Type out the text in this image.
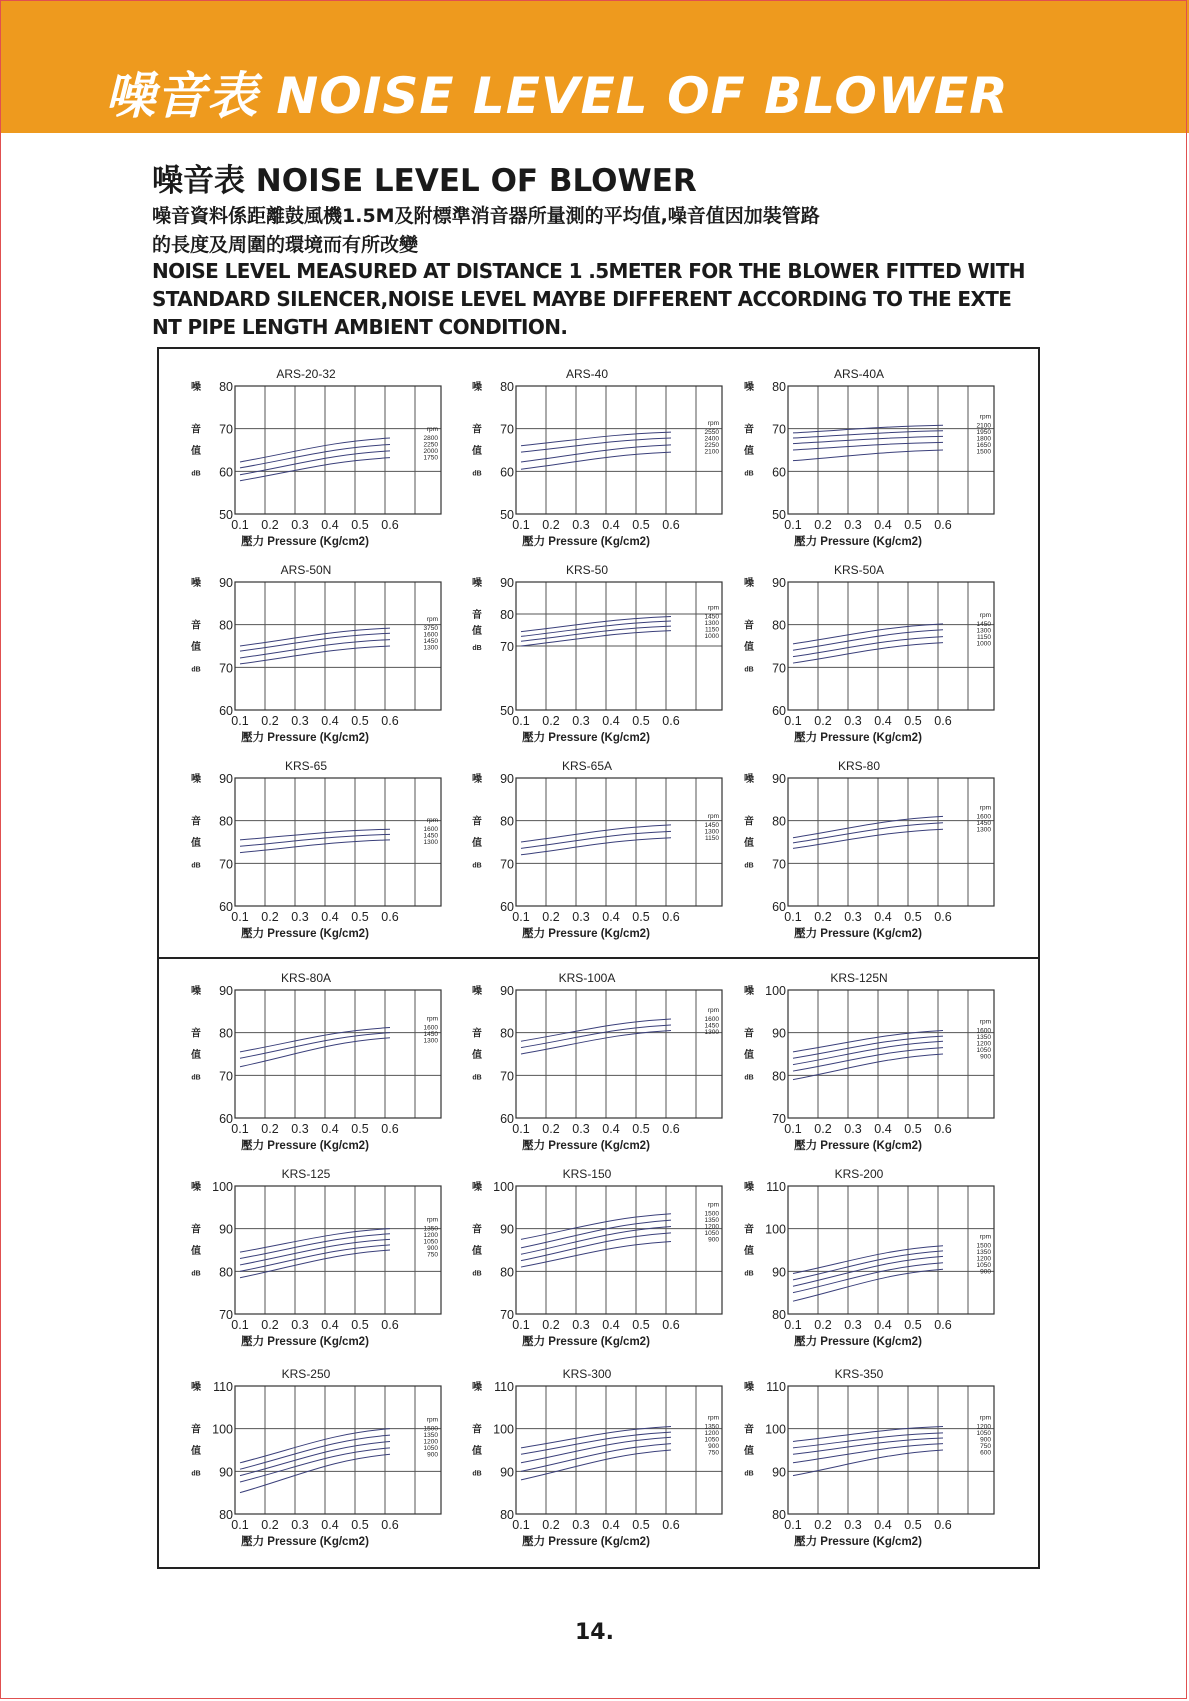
噪音表 NOISE LEVEL OF BLOWER
噪音表 NOISE LEVEL OF BLOWER
噪音資料係距離鼓風機1.5M及附標準消音器所量測的平均值,噪音值因加裝管路
的長度及周圍的環境而有所改變
NOISE LEVEL MEASURED AT DISTANCE 1 .5METER FOR THE BLOWER FITTED WITH
STANDARD SILENCER,NOISE LEVEL MAYBE DIFFERENT ACCORDING TO THE EXTE
NT PIPE LENGTH AMBIENT CONDITION.
ARS-20-32
80
70
60
50
噪
音
值
dB
0.1 0.2 0.3 0.4 0.5 0.6
壓力 Pressure (Kg/cm2)
rpm
2800
2250
2000
1750
ARS-40
80
70
60
50
噪
音
值
dB
0.1 0.2 0.3 0.4 0.5 0.6
壓力 Pressure (Kg/cm2)
rpm
2550
2400
2250
2100
ARS-40A
80
70
60
50
噪
音
值
dB
0.1 0.2 0.3 0.4 0.5 0.6
壓力 Pressure (Kg/cm2)
rpm
2100
1950
1800
1650
1500
ARS-50N
90
80
70
60
噪
音
值
dB
0.1 0.2 0.3 0.4 0.5 0.6
壓力 Pressure (Kg/cm2)
rpm
3750
1600
1450
1300
KRS-50
90
80
70
50
噪
音
值
dB
0.1 0.2 0.3 0.4 0.5 0.6
壓力 Pressure (Kg/cm2)
rpm
1450
1300
1150
1000
KRS-50A
90
80
70
60
噪
音
值
dB
0.1 0.2 0.3 0.4 0.5 0.6
壓力 Pressure (Kg/cm2)
rpm
1450
1300
1150
1000
KRS-65
90
80
70
60
噪
音
值
dB
0.1 0.2 0.3 0.4 0.5 0.6
壓力 Pressure (Kg/cm2)
rpm
1600
1450
1300
KRS-65A
90
80
70
60
噪
音
值
dB
0.1 0.2 0.3 0.4 0.5 0.6
壓力 Pressure (Kg/cm2)
rpm
1450
1300
1150
KRS-80
90
80
70
60
噪
音
值
dB
0.1 0.2 0.3 0.4 0.5 0.6
壓力 Pressure (Kg/cm2)
rpm
1600
1450
1300
KRS-80A
90
80
70
60
噪
音
值
dB
0.1 0.2 0.3 0.4 0.5 0.6
壓力 Pressure (Kg/cm2)
rpm
1600
1450
1300
KRS-100A
90
80
70
60
噪
音
值
dB
0.1 0.2 0.3 0.4 0.5 0.6
壓力 Pressure (Kg/cm2)
rpm
1600
1450
1300
KRS-125N
100
90
80
70
噪
音
值
dB
0.1 0.2 0.3 0.4 0.5 0.6
壓力 Pressure (Kg/cm2)
rpm
1600
1350
1200
1050
900
KRS-125
100
90
80
70
噪
音
值
dB
0.1 0.2 0.3 0.4 0.5 0.6
壓力 Pressure (Kg/cm2)
rpm
1350
1200
1050
900
750
KRS-150
100
90
80
70
噪
音
值
dB
0.1 0.2 0.3 0.4 0.5 0.6
壓力 Pressure (Kg/cm2)
rpm
1500
1350
1200
1050
900
KRS-200
110
100
90
80
噪
音
值
dB
0.1 0.2 0.3 0.4 0.5 0.6
壓力 Pressure (Kg/cm2)
rpm
1500
1350
1200
1050
900
KRS-250
110
100
90
80
噪
音
值
dB
0.1 0.2 0.3 0.4 0.5 0.6
壓力 Pressure (Kg/cm2)
rpm
1500
1350
1200
1050
900
KRS-300
110
100
90
80
噪
音
值
dB
0.1 0.2 0.3 0.4 0.5 0.6
壓力 Pressure (Kg/cm2)
rpm
1350
1200
1050
900
750
KRS-350
110
100
90
80
噪
音
值
dB
0.1 0.2 0.3 0.4 0.5 0.6
壓力 Pressure (Kg/cm2)
rpm
1200
1050
900
750
600
14.
